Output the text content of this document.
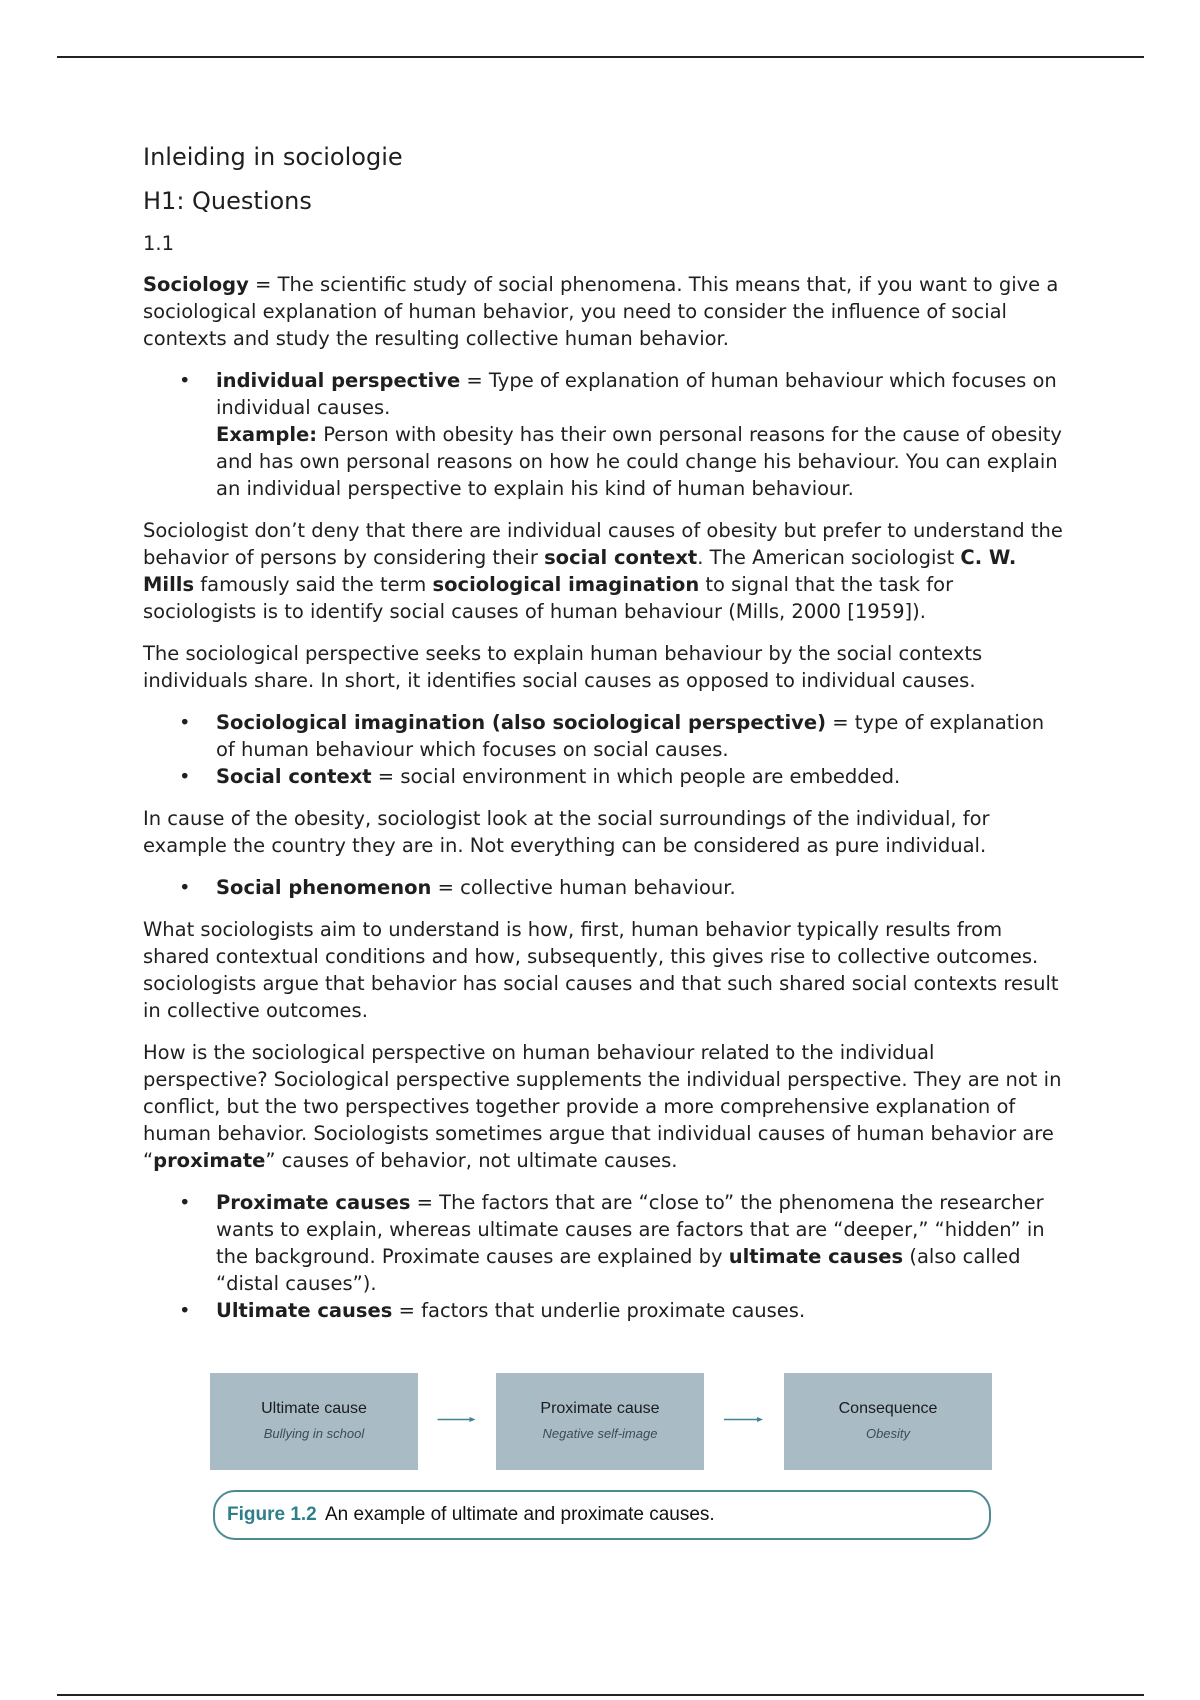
Inleiding in sociologie
H1: Questions
1.1

Sociology = The scientific study of social phenomena. This means that, if you want to give a sociological explanation of human behavior, you need to consider the influence of social contexts and study the resulting collective human behavior.

• individual perspective = Type of explanation of human behaviour which focuses on individual causes.
Example: Person with obesity has their own personal reasons for the cause of obesity and has own personal reasons on how he could change his behaviour. You can explain an individual perspective to explain his kind of human behaviour.

Sociologist don’t deny that there are individual causes of obesity but prefer to understand the behavior of persons by considering their social context. The American sociologist C. W. Mills famously said the term sociological imagination to signal that the task for sociologists is to identify social causes of human behaviour (Mills, 2000 [1959]).

The sociological perspective seeks to explain human behaviour by the social contexts individuals share. In short, it identifies social causes as opposed to individual causes.

• Sociological imagination (also sociological perspective) = type of explanation of human behaviour which focuses on social causes.
• Social context = social environment in which people are embedded.

In cause of the obesity, sociologist look at the social surroundings of the individual, for example the country they are in. Not everything can be considered as pure individual.

• Social phenomenon = collective human behaviour.

What sociologists aim to understand is how, first, human behavior typically results from shared contextual conditions and how, subsequently, this gives rise to collective outcomes. sociologists argue that behavior has social causes and that such shared social contexts result in collective outcomes.

How is the sociological perspective on human behaviour related to the individual perspective? Sociological perspective supplements the individual perspective. They are not in conflict, but the two perspectives together provide a more comprehensive explanation of human behavior. Sociologists sometimes argue that individual causes of human behavior are “proximate” causes of behavior, not ultimate causes.

• Proximate causes = The factors that are “close to” the phenomena the researcher wants to explain, whereas ultimate causes are factors that are “deeper,” “hidden” in the background. Proximate causes are explained by ultimate causes (also called “distal causes”).
• Ultimate causes = factors that underlie proximate causes.
Ultimate cause
Bullying in school
Proximate cause
Negative self-image
Consequence
Obesity
Figure 1.2 An example of ultimate and proximate causes.
